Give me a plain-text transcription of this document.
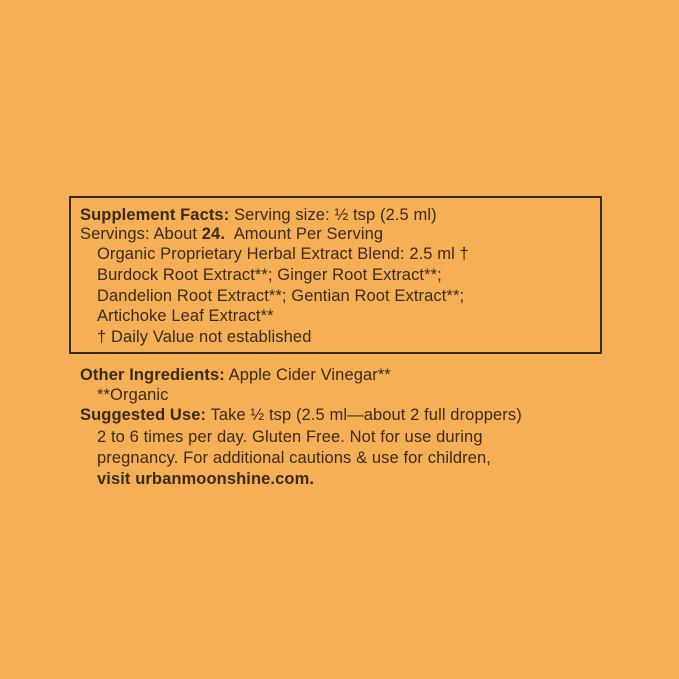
Supplement Facts: Serving size: ½ tsp (2.5 ml)
Servings: About 24. Amount Per Serving
Organic Proprietary Herbal Extract Blend: 2.5 ml †
Burdock Root Extract**; Ginger Root Extract**;
Dandelion Root Extract**; Gentian Root Extract**;
Artichoke Leaf Extract**
† Daily Value not established
Other Ingredients: Apple Cider Vinegar**
**Organic
Suggested Use: Take ½ tsp (2.5 ml—about 2 full droppers)
2 to 6 times per day. Gluten Free. Not for use during
pregnancy. For additional cautions & use for children,
visit urbanmoonshine.com.
